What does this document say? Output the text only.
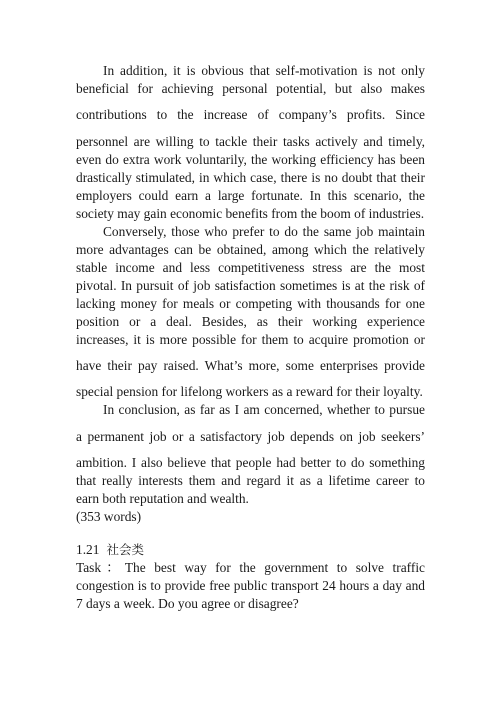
In addition, it is obvious that self-motivation is not only
beneficial for achieving personal potential, but also makes
contributions to the increase of company’s profits. Since
personnel are willing to tackle their tasks actively and timely,
even do extra work voluntarily, the working efficiency has been
drastically stimulated, in which case, there is no doubt that their
employers could earn a large fortunate. In this scenario, the
society may gain economic benefits from the boom of industries.
Conversely, those who prefer to do the same job maintain
more advantages can be obtained, among which the relatively
stable income and less competitiveness stress are the most
pivotal. In pursuit of job satisfaction sometimes is at the risk of
lacking money for meals or competing with thousands for one
position or a deal. Besides, as their working experience
increases, it is more possible for them to acquire promotion or
have their pay raised. What’s more, some enterprises provide
special pension for lifelong workers as a reward for their loyalty.
In conclusion, as far as I am concerned, whether to pursue
a permanent job or a satisfactory job depends on job seekers’
ambition. I also believe that people had better to do something
that really interests them and regard it as a lifetime career to
earn both reputation and wealth.
(353 words)
1.21 社会类
Task：The best way for the government to solve traffic
congestion is to provide free public transport 24 hours a day and
7 days a week. Do you agree or disagree?
